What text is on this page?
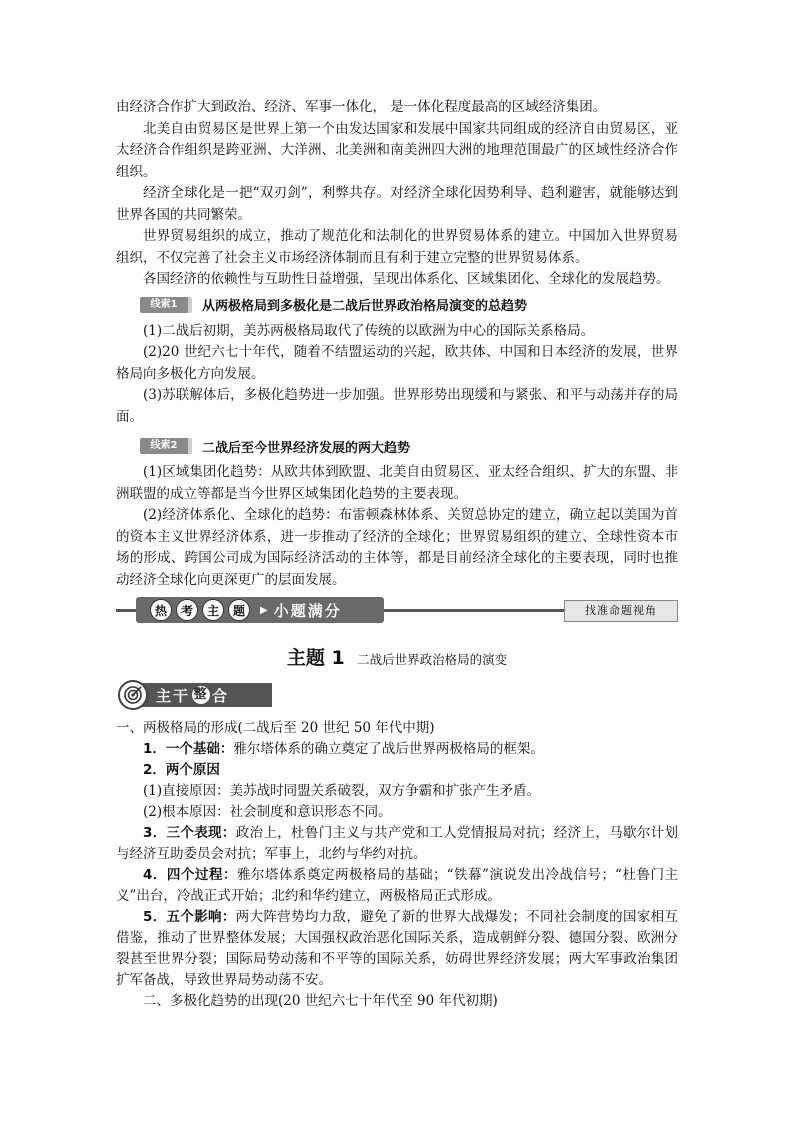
由经济合作扩大到政治、经济、军事一体化， 是一体化程度最高的区域经济集团。

北美自由贸易区是世界上第一个由发达国家和发展中国家共同组成的经济自由贸易区，亚太经济合作组织是跨亚洲、大洋洲、北美洲和南美洲四大洲的地理范围最广的区域性经济合作组织。

经济全球化是一把“双刃剑”，利弊共存。对经济全球化因势利导、趋利避害，就能够达到世界各国的共同繁荣。

世界贸易组织的成立，推动了规范化和法制化的世界贸易体系的建立。中国加入世界贸易组织，不仅完善了社会主义市场经济体制而且有利于建立完整的世界贸易体系。

各国经济的依赖性与互助性日益增强，呈现出体系化、区域集团化、全球化的发展趋势。

线索1	从两极格局到多极化是二战后世界政治格局演变的总趋势

(1)二战后初期，美苏两极格局取代了传统的以欧洲为中心的国际关系格局。

(2)20 世纪六七十年代，随着不结盟运动的兴起，欧共体、中国和日本经济的发展，世界格局向多极化方向发展。

(3)苏联解体后，多极化趋势进一步加强。世界形势出现缓和与紧张、和平与动荡并存的局面。

线索2	二战后至今世界经济发展的两大趋势

(1)区域集团化趋势：从欧共体到欧盟、北美自由贸易区、亚太经合组织、扩大的东盟、非洲联盟的成立等都是当今世界区域集团化趋势的主要表现。

(2)经济体系化、全球化的趋势：布雷顿森林体系、关贸总协定的建立，确立起以美国为首的资本主义世界经济体系，进一步推动了经济的全球化；世界贸易组织的建立、全球性资本市场的形成、跨国公司成为国际经济活动的主体等，都是目前经济全球化的主要表现，同时也推动经济全球化向更深更广的层面发展。

热	考	主	题	▶ 小题满分	找准命题视角
主题 1 二战后世界政治格局的演变
主干 整 合

一、两极格局的形成(二战后至 20 世纪 50 年代中期)

1．一个基础：雅尔塔体系的确立奠定了战后世界两极格局的框架。

2．两个原因

(1)直接原因：美苏战时同盟关系破裂，双方争霸和扩张产生矛盾。

(2)根本原因：社会制度和意识形态不同。

3．三个表现：政治上，杜鲁门主义与共产党和工人党情报局对抗；经济上，马歇尔计划与经济互助委员会对抗；军事上，北约与华约对抗。

4．四个过程：雅尔塔体系奠定两极格局的基础；“铁幕”演说发出冷战信号；“杜鲁门主义”出台，冷战正式开始；北约和华约建立，两极格局正式形成。

5．五个影响：两大阵营势均力敌，避免了新的世界大战爆发；不同社会制度的国家相互借鉴，推动了世界整体发展；大国强权政治恶化国际关系，造成朝鲜分裂、德国分裂、欧洲分裂甚至世界分裂；国际局势动荡和不平等的国际关系，妨碍世界经济发展；两大军事政治集团扩军备战，导致世界局势动荡不安。

二、多极化趋势的出现(20 世纪六七十年代至 90 年代初期)
